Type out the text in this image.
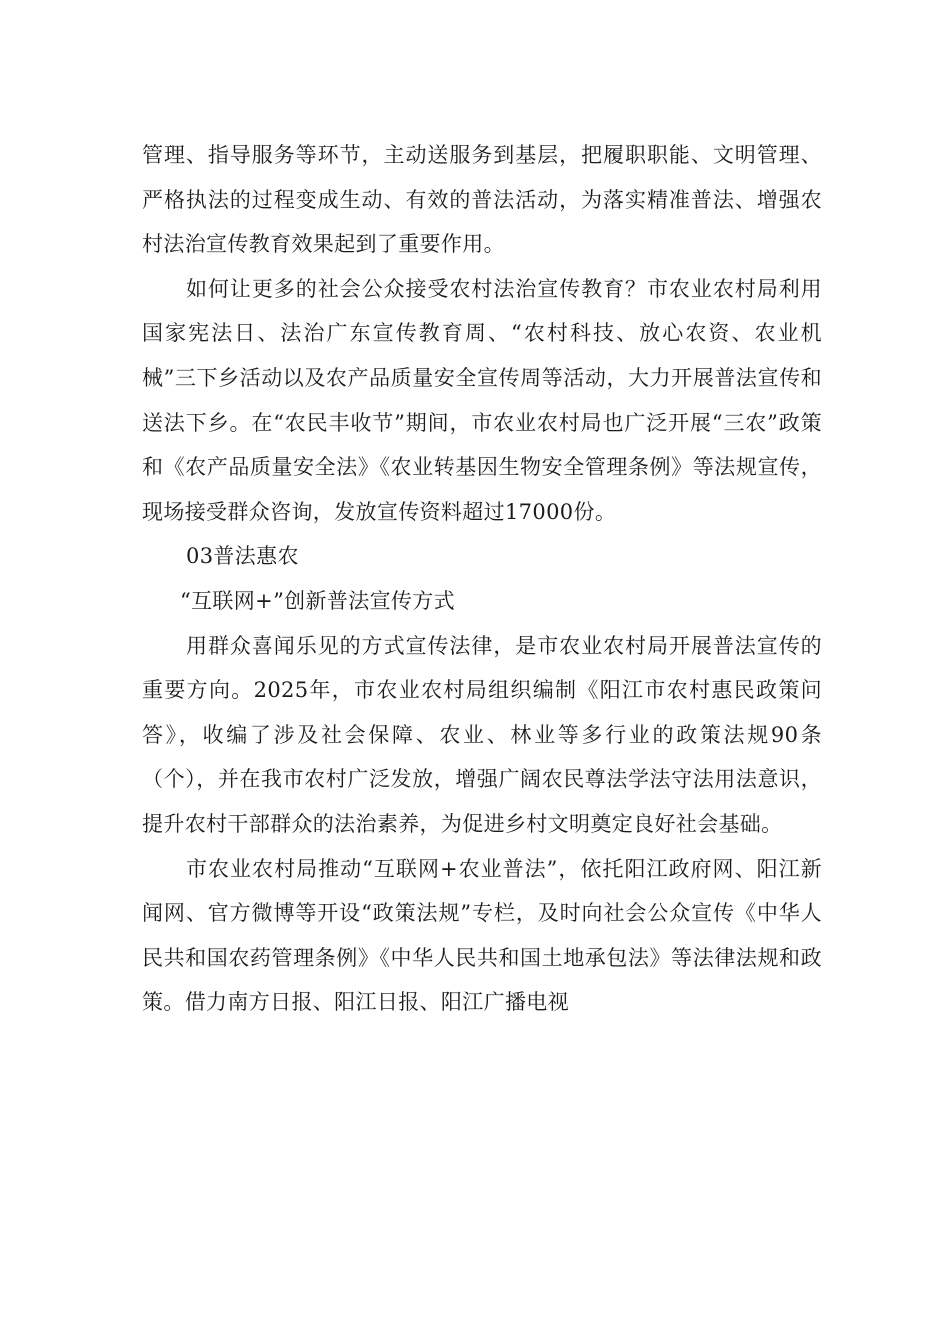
管理、指导服务等环节，主动送服务到基层，把履职职能、文明管理、严格执法的过程变成生动、有效的普法活动，为落实精准普法、增强农村法治宣传教育效果起到了重要作用。

如何让更多的社会公众接受农村法治宣传教育？市农业农村局利用国家宪法日、法治广东宣传教育周、“农村科技、放心农资、农业机械”三下乡活动以及农产品质量安全宣传周等活动，大力开展普法宣传和送法下乡。在“农民丰收节”期间，市农业农村局也广泛开展“三农”政策和《农产品质量安全法》《农业转基因生物安全管理条例》等法规宣传，现场接受群众咨询，发放宣传资料超过17000份。

03普法惠农

“互联网+”创新普法宣传方式

用群众喜闻乐见的方式宣传法律，是市农业农村局开展普法宣传的重要方向。2025年，市农业农村局组织编制《阳江市农村惠民政策问答》，收编了涉及社会保障、农业、林业等多行业的政策法规90条（个），并在我市农村广泛发放，增强广阔农民尊法学法守法用法意识，提升农村干部群众的法治素养，为促进乡村文明奠定良好社会基础。

市农业农村局推动“互联网+农业普法”，依托阳江政府网、阳江新闻网、官方微博等开设“政策法规”专栏，及时向社会公众宣传《中华人民共和国农药管理条例》《中华人民共和国土地承包法》等法律法规和政策。借力南方日报、阳江日报、阳江广播电视
